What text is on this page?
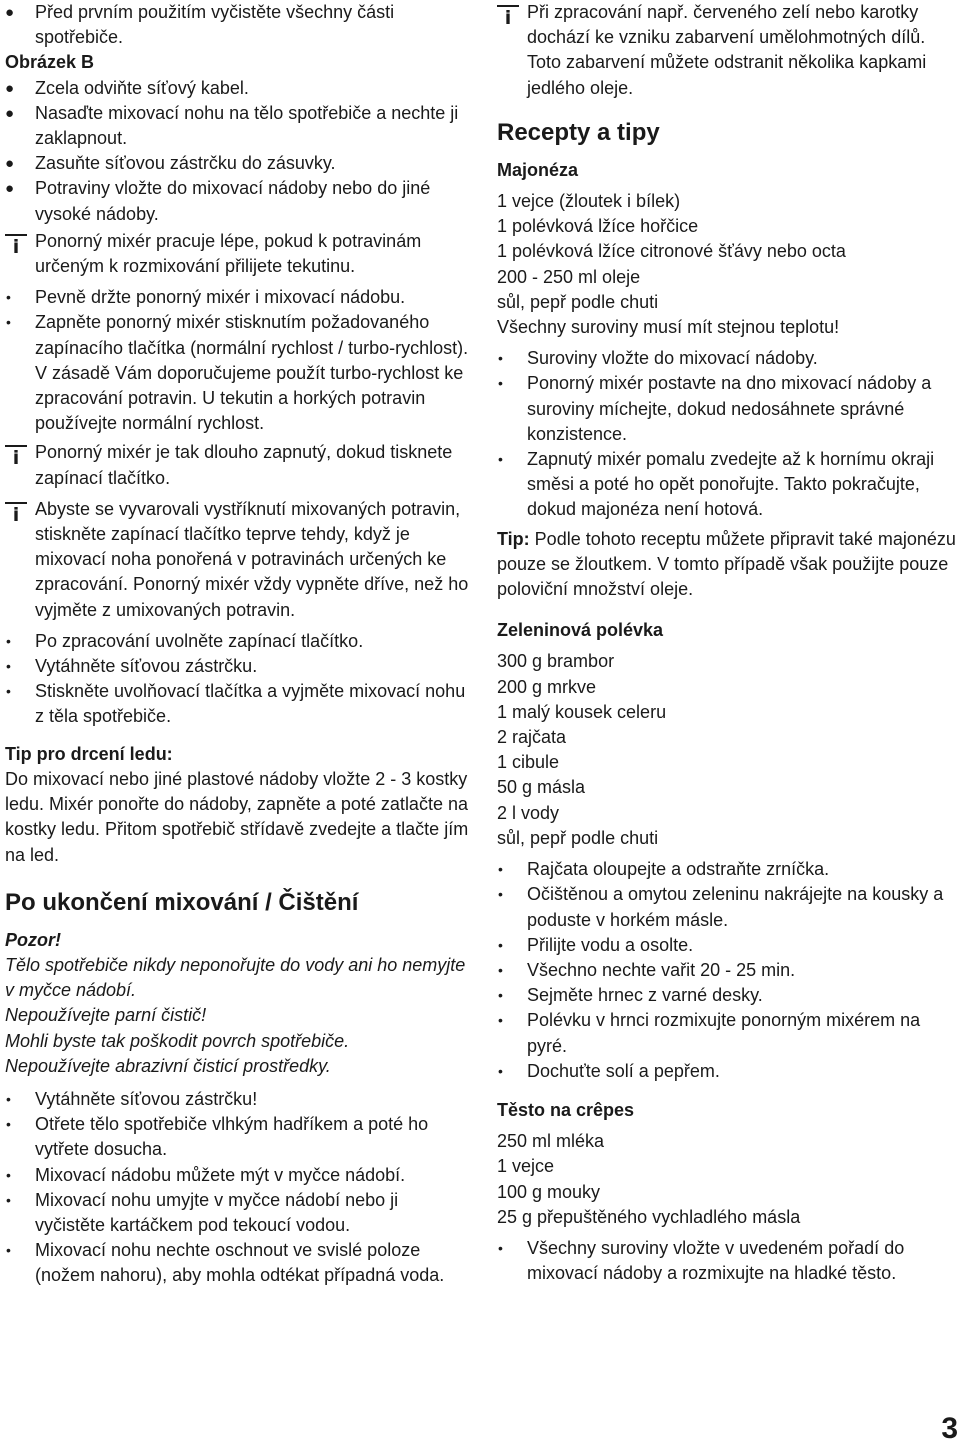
● Před prvním použitím vyčistěte všechny části spotřebiče.

Obrázek B

● Zcela odviňte síťový kabel.
● Nasaďte mixovací nohu na tělo spotřebiče a nechte ji zaklapnout.
● Zasuňte síťovou zástrčku do zásuvky.
● Potraviny vložte do mixovací nádoby nebo do jiné vysoké nádoby.

i Ponorný mixér pracuje lépe, pokud k potravinám určeným k rozmixování přilijete tekutinu.

• Pevně držte ponorný mixér i mixovací nádobu.
• Zapněte ponorný mixér stisknutím požadovaného zapínacího tlačítka (normální rychlost / turbo-rychlost). V zásadě Vám doporučujeme použít turbo-rychlost ke zpracování potravin. U tekutin a horkých potravin používejte normální rychlost.

i Ponorný mixér je tak dlouho zapnutý, dokud tisknete zapínací tlačítko.

i Abyste se vyvarovali vystříknutí mixovaných potravin, stiskněte zapínací tlačítko teprve tehdy, když je mixovací noha ponořená v potravinách určených ke zpracování. Ponorný mixér vždy vypněte dříve, než ho vyjměte z umixovaných potravin.

• Po zpracování uvolněte zapínací tlačítko.
• Vytáhněte síťovou zástrčku.
• Stiskněte uvolňovací tlačítka a vyjměte mixovací nohu z těla spotřebiče.

Tip pro drcení ledu:

Do mixovací nebo jiné plastové nádoby vložte 2 - 3 kostky ledu. Mixér ponořte do nádoby, zapněte a poté zatlačte na kostky ledu. Přitom spotřebič střídavě zvedejte a tlačte jím na led.

Po ukončení mixování / Čištění

Pozor!

Tělo spotřebiče nikdy neponořujte do vody ani ho nemyjte v myčce nádobí.

Nepoužívejte parní čistič!

Mohli byste tak poškodit povrch spotřebiče.

Nepoužívejte abrazivní čisticí prostředky.

• Vytáhněte síťovou zástrčku!
• Otřete tělo spotřebiče vlhkým hadříkem a poté ho vytřete dosucha.
• Mixovací nádobu můžete mýt v myčce nádobí.
• Mixovací nohu umyjte v myčce nádobí nebo ji vyčistěte kartáčkem pod tekoucí vodou.
• Mixovací nohu nechte oschnout ve svislé poloze (nožem nahoru), aby mohla odtékat případná voda.

i Při zpracování např. červeného zelí nebo karotky dochází ke vzniku zabarvení umělohmotných dílů. Toto zabarvení můžete odstranit několika kapkami jedlého oleje.

Recepty a tipy
Majonéza

1 vejce (žloutek i bílek)

1 polévková lžíce hořčice

1 polévková lžíce citronové šťávy nebo octa

200 - 250 ml oleje

sůl, pepř podle chuti

Všechny suroviny musí mít stejnou teplotu!

• Suroviny vložte do mixovací nádoby.
• Ponorný mixér postavte na dno mixovací nádoby a suroviny míchejte, dokud nedosáhnete správné konzistence.
• Zapnutý mixér pomalu zvedejte až k hornímu okraji směsi a poté ho opět ponořujte. Takto pokračujte, dokud majonéza není hotová.

Tip: Podle tohoto receptu můžete připravit také majonézu pouze se žloutkem. V tomto případě však použijte pouze poloviční množství oleje.

Zeleninová polévka

300 g brambor

200 g mrkve

1 malý kousek celeru

2 rajčata

1 cibule

50 g másla

2 l vody

sůl, pepř podle chuti

• Rajčata oloupejte a odstraňte zrníčka.
• Očištěnou a omytou zeleninu nakrájejte na kousky a poduste v horkém másle.
• Přilijte vodu a osolte.
• Všechno nechte vařit 20 - 25 min.
• Sejměte hrnec z varné desky.
• Polévku v hrnci rozmixujte ponorným mixérem na pyré.
• Dochuťte solí a pepřem.
Těsto na crêpes

250 ml mléka

1 vejce

100 g mouky

25 g přepuštěného vychladlého másla

• Všechny suroviny vložte v uvedeném pořadí do mixovací nádoby a rozmixujte na hladké těsto.
3
